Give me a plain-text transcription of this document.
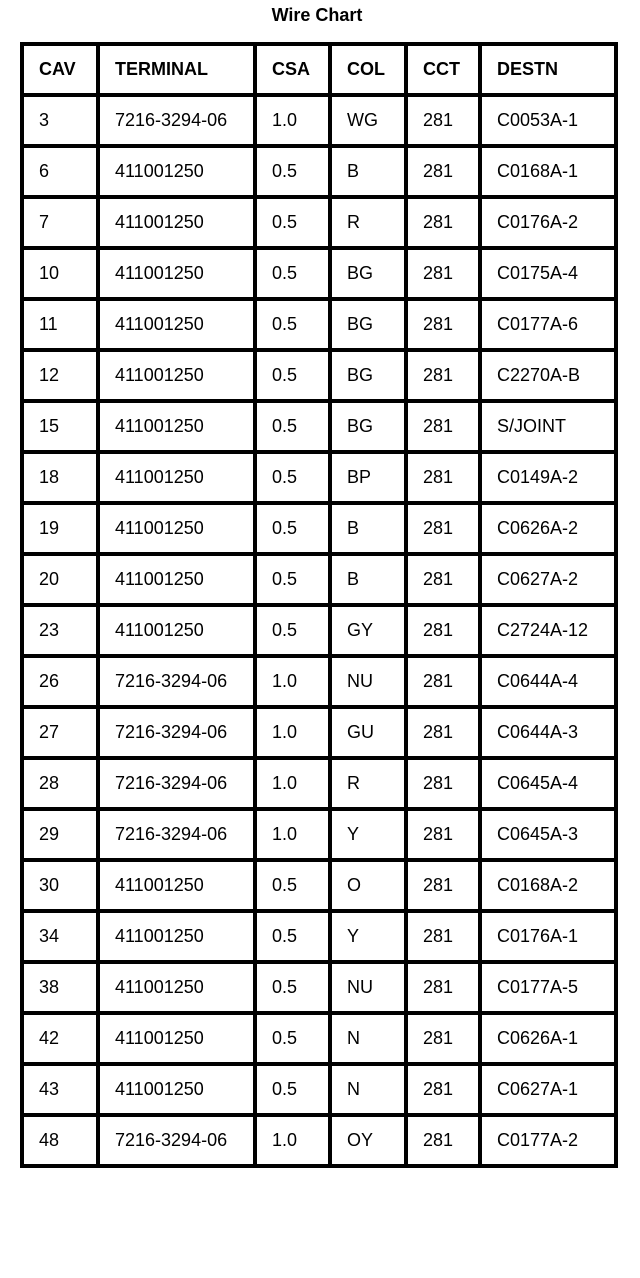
Wire Chart
CAV	TERMINAL	CSA	COL	CCT	DESTN
3	7216-3294-06	1.0	WG	281	C0053A-1
6	411001250	0.5	B	281	C0168A-1
7	411001250	0.5	R	281	C0176A-2
10	411001250	0.5	BG	281	C0175A-4
11	411001250	0.5	BG	281	C0177A-6
12	411001250	0.5	BG	281	C2270A-B
15	411001250	0.5	BG	281	S/JOINT
18	411001250	0.5	BP	281	C0149A-2
19	411001250	0.5	B	281	C0626A-2
20	411001250	0.5	B	281	C0627A-2
23	411001250	0.5	GY	281	C2724A-12
26	7216-3294-06	1.0	NU	281	C0644A-4
27	7216-3294-06	1.0	GU	281	C0644A-3
28	7216-3294-06	1.0	R	281	C0645A-4
29	7216-3294-06	1.0	Y	281	C0645A-3
30	411001250	0.5	O	281	C0168A-2
34	411001250	0.5	Y	281	C0176A-1
38	411001250	0.5	NU	281	C0177A-5
42	411001250	0.5	N	281	C0626A-1
43	411001250	0.5	N	281	C0627A-1
48	7216-3294-06	1.0	OY	281	C0177A-2
